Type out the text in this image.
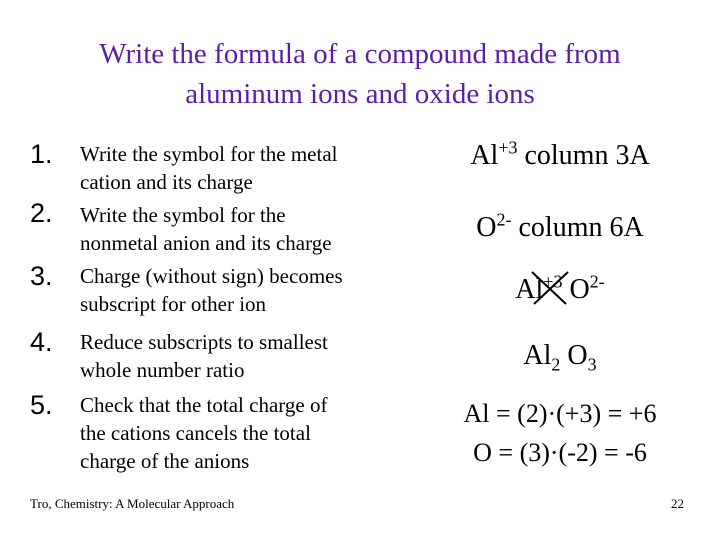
Write the formula of a compound made from aluminum ions and oxide ions
1.	Write the symbol for the metal
cation and its charge
2.	Write the symbol for the
nonmetal anion and its charge
3.	Charge (without sign) becomes
subscript for other ion
4.	Reduce subscripts to smallest
whole number ratio
5.	Check that the total charge of
the cations cancels the total
charge of the anions
$Al^{+3}$ column 3A
$O^{2-}$ column 6A
$Al^{+3}$ $O^{2-}$
$Al_2$ $O_3$
Al = (2)·(+3) = +6
O = (3)·(-2) = -6
Tro, Chemistry: A Molecular Approach	22
